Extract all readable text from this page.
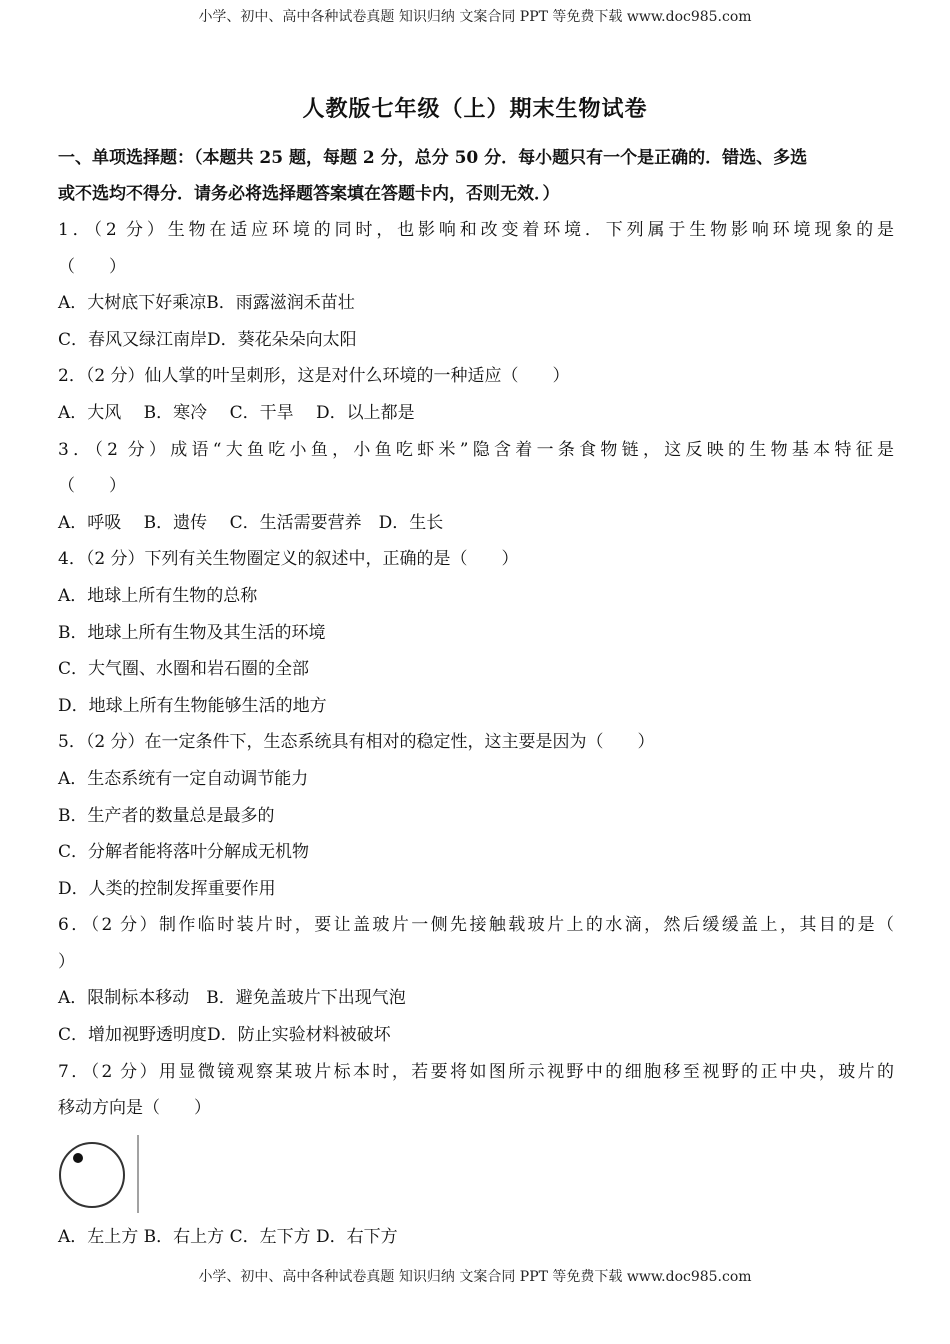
小学、初中、高中各种试卷真题 知识归纳 文案合同 PPT 等免费下载 www.doc985.com
人教版七年级（上）期末生物试卷
一、单项选择题：（本题共 25 题，每题 2 分，总分 50 分．每小题只有一个是正确的．错选、多选
或不选均不得分．请务必将选择题答案填在答题卡内，否则无效．）
1．（2 分）生物在适应环境的同时，也影响和改变着环境．下列属于生物影响环境现象的是
（　　）
A．大树底下好乘凉B．雨露滋润禾苗壮
C．春风又绿江南岸D．葵花朵朵向太阳
2．（2 分）仙人掌的叶呈刺形，这是对什么环境的一种适应（　　）
A．大风　 B．寒冷　 C．干旱　 D．以上都是
3．（2 分）成语“大鱼吃小鱼，小鱼吃虾米”隐含着一条食物链，这反映的生物基本特征是
（　　）
A．呼吸　 B．遗传　 C．生活需要营养　D．生长
4．（2 分）下列有关生物圈定义的叙述中，正确的是（　　）
A．地球上所有生物的总称
B．地球上所有生物及其生活的环境
C．大气圈、水圈和岩石圈的全部
D．地球上所有生物能够生活的地方
5．（2 分）在一定条件下，生态系统具有相对的稳定性，这主要是因为（　　）
A．生态系统有一定自动调节能力
B．生产者的数量总是最多的
C．分解者能将落叶分解成无机物
D．人类的控制发挥重要作用
6．（2 分）制作临时装片时，要让盖玻片一侧先接触载玻片上的水滴，然后缓缓盖上，其目的是（
）
A．限制标本移动　B．避免盖玻片下出现气泡
C．增加视野透明度D．防止实验材料被破坏
7．（2 分）用显微镜观察某玻片标本时，若要将如图所示视野中的细胞移至视野的正中央，玻片的
移动方向是（　　）
A．左上方 B．右上方 C．左下方 D．右下方
小学、初中、高中各种试卷真题 知识归纳 文案合同 PPT 等免费下载 www.doc985.com
